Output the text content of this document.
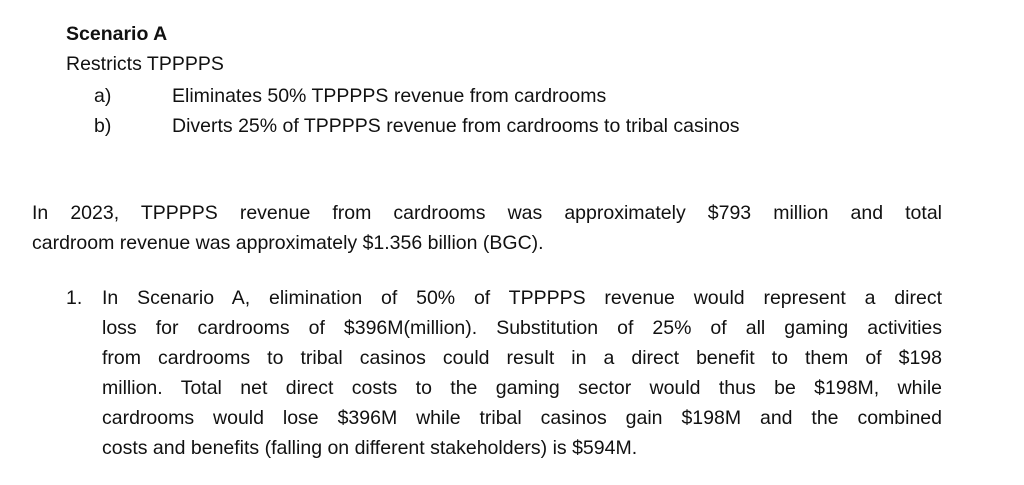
Scenario A
Restricts TPPPPS
a)	Eliminates 50% TPPPPS revenue from cardrooms
b)	Diverts 25% of TPPPPS revenue from cardrooms to tribal casinos
In 2023, TPPPPS revenue from cardrooms was approximately $793 million and total
cardroom revenue was approximately $1.356 billion (BGC).
1.	In Scenario A, elimination of 50% of TPPPPS revenue would represent a direct
loss for cardrooms of $396M(million). Substitution of 25% of all gaming activities
from cardrooms to tribal casinos could result in a direct benefit to them of $198
million. Total net direct costs to the gaming sector would thus be $198M, while
cardrooms would lose $396M while tribal casinos gain $198M and the combined
costs and benefits (falling on different stakeholders) is $594M.
